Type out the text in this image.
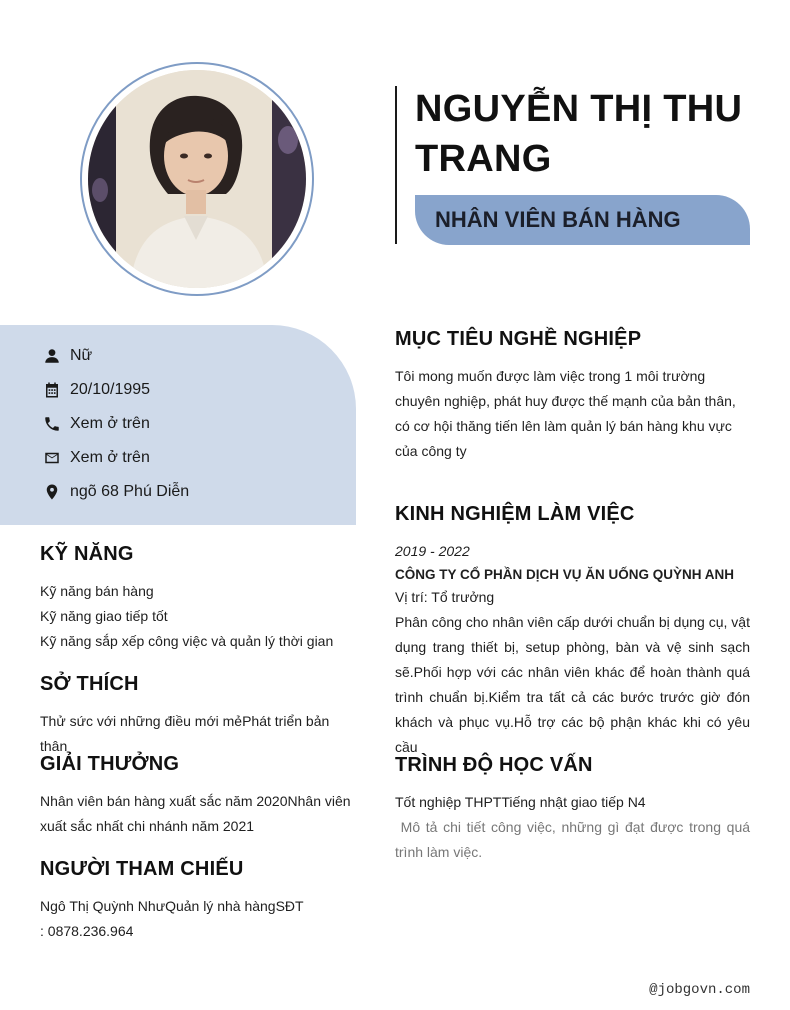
NGUYỄN THỊ THU TRANG
NHÂN VIÊN BÁN HÀNG
Nữ
20/10/1995
Xem ở trên
Xem ở trên
ngõ 68 Phú Diễn
KỸ NĂNG
Kỹ năng bán hàng
Kỹ năng giao tiếp tốt
Kỹ năng sắp xếp công việc và quản lý thời gian
SỞ THÍCH
Thử sức với những điều mới mẻPhát triển bản thân
GIẢI THƯỞNG
Nhân viên bán hàng xuất sắc năm 2020Nhân viên xuất sắc nhất chi nhánh năm 2021
NGƯỜI THAM CHIẾU
Ngô Thị Quỳnh NhưQuản lý nhà hàngSĐT : 0878.236.964
MỤC TIÊU NGHỀ NGHIỆP
Tôi mong muốn được làm việc trong 1 môi trường chuyên nghiệp, phát huy được thế mạnh của bản thân, có cơ hội thăng tiến lên làm quản lý bán hàng khu vực của công ty
KINH NGHIỆM LÀM VIỆC
2019 - 2022
CÔNG TY CỔ PHẦN DỊCH VỤ ĂN UỐNG QUỲNH ANH
Vị trí: Tổ trưởng
Phân công cho nhân viên cấp dưới chuẩn bị dụng cụ, vật dụng trang thiết bị, setup phòng, bàn và vệ sinh sạch sẽ.Phối hợp với các nhân viên khác để hoàn thành quá trình chuẩn bị.Kiểm tra tất cả các bước trước giờ đón khách và phục vụ.Hỗ trợ các bộ phận khác khi có yêu cầu
TRÌNH ĐỘ HỌC VẤN
Tốt nghiệp THPTTiếng nhật giao tiếp N4
Mô tả chi tiết công việc, những gì đạt được trong quá trình làm việc.
@jobgovn.com
